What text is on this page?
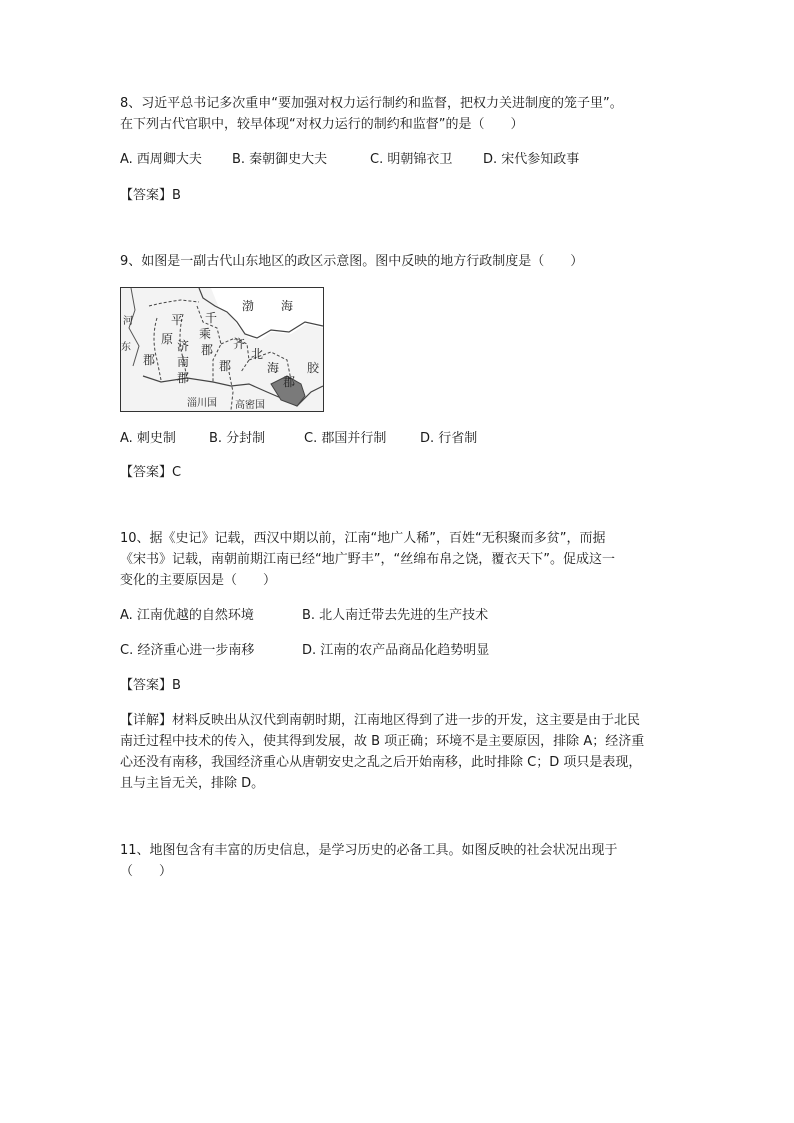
8、习近平总书记多次重申“要加强对权力运行制约和监督，把权力关进制度的笼子里”。
在下列古代官职中，较早体现“对权力运行的制约和监督”的是（　　）
A. 西周卿大夫 B. 秦朝御史大夫	C. 明朝锦衣卫 D. 宋代参知政事
【答案】B
9、如图是一副古代山东地区的政区示意图。图中反映的地方行政制度是（　　）
渤 海
河	平 千
原 乘
郡
济
南
郡
郡
齐
北
郡	海
郡
胶
东
淄川国 高密国
A. 刺史制	B. 分封制	C. 郡国并行制	D. 行省制
【答案】C
10、据《史记》记载，西汉中期以前，江南“地广人稀”，百姓“无积聚而多贫”，而据
《宋书》记载，南朝前期江南已经“地广野丰”，“丝绵布帛之饶，覆衣天下”。促成这一
变化的主要原因是（　　）
A. 江南优越的自然环境	B. 北人南迁带去先进的生产技术
C. 经济重心进一步南移	D. 江南的农产品商品化趋势明显
【答案】B
【详解】材料反映出从汉代到南朝时期，江南地区得到了进一步的开发，这主要是由于北民
南迁过程中技术的传入，使其得到发展，故 B 项正确；环境不是主要原因，排除 A；经济重
心还没有南移，我国经济重心从唐朝安史之乱之后开始南移，此时排除 C；D 项只是表现，
且与主旨无关，排除 D。
11、地图包含有丰富的历史信息，是学习历史的必备工具。如图反映的社会状况出现于
（　　）
